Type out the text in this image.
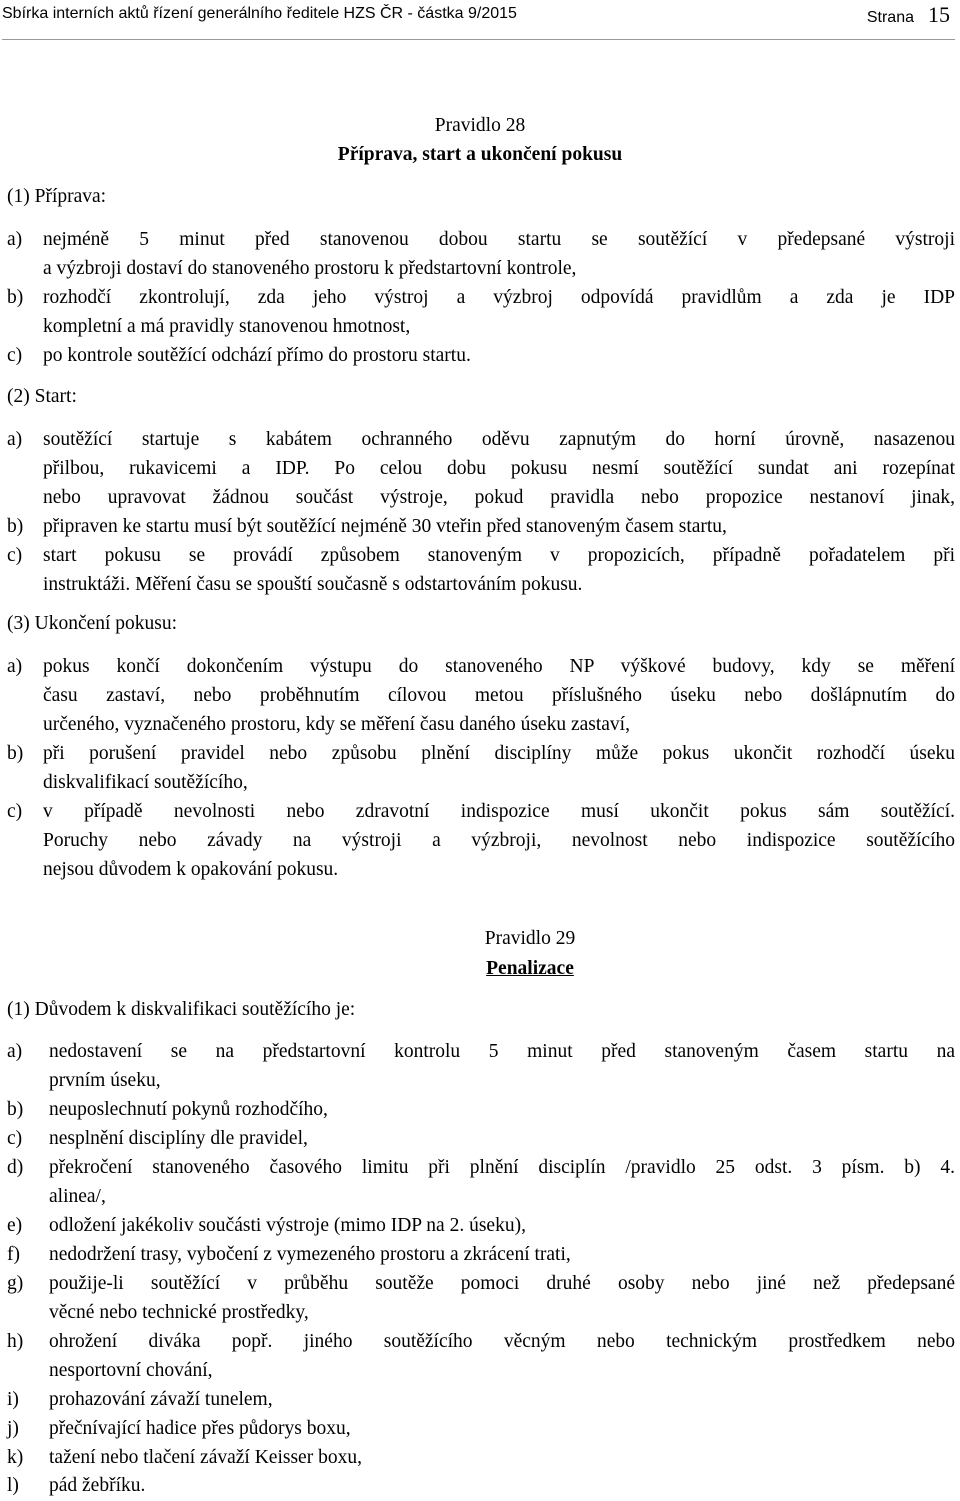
Sbírka interních aktů řízení generálního ředitele HZS ČR - částka 9/2015	Strana 15
Pravidlo 28
Příprava, start a ukončení pokusu
(1) Příprava:
a) nejméně 5 minut před stanovenou dobou startu se soutěžící v předepsané výstroji
a výzbroji dostaví do stanoveného prostoru k předstartovní kontrole,
b) rozhodčí zkontrolují, zda jeho výstroj a výzbroj odpovídá pravidlům a zda je IDP
kompletní a má pravidly stanovenou hmotnost,
c) po kontrole soutěžící odchází přímo do prostoru startu.
(2) Start:
a) soutěžící startuje s kabátem ochranného oděvu zapnutým do horní úrovně, nasazenou
přilbou, rukavicemi a IDP. Po celou dobu pokusu nesmí soutěžící sundat ani rozepínat
nebo upravovat žádnou součást výstroje, pokud pravidla nebo propozice nestanoví jinak,
b) připraven ke startu musí být soutěžící nejméně 30 vteřin před stanoveným časem startu,
c) start pokusu se provádí způsobem stanoveným v propozicích, případně pořadatelem při
instruktáži. Měření času se spouští současně s odstartováním pokusu.
(3) Ukončení pokusu:
a) pokus končí dokončením výstupu do stanoveného NP výškové budovy, kdy se měření
času zastaví, nebo proběhnutím cílovou metou příslušného úseku nebo došlápnutím do
určeného, vyznačeného prostoru, kdy se měření času daného úseku zastaví,
b) při porušení pravidel nebo způsobu plnění disciplíny může pokus ukončit rozhodčí úseku
diskvalifikací soutěžícího,
c) v případě nevolnosti nebo zdravotní indispozice musí ukončit pokus sám soutěžící.
Poruchy nebo závady na výstroji a výzbroji, nevolnost nebo indispozice soutěžícího
nejsou důvodem k opakování pokusu.
Pravidlo 29
Penalizace
(1) Důvodem k diskvalifikaci soutěžícího je:
a) nedostavení se na předstartovní kontrolu 5 minut před stanoveným časem startu na
prvním úseku,
b) neuposlechnutí pokynů rozhodčího,
c) nesplnění disciplíny dle pravidel,
d) překročení stanoveného časového limitu při plnění disciplín /pravidlo 25 odst. 3 písm. b) 4.
alinea/,
e) odložení jakékoliv součásti výstroje (mimo IDP na 2. úseku),
f) nedodržení trasy, vybočení z vymezeného prostoru a zkrácení trati,
g) použije-li soutěžící v průběhu soutěže pomoci druhé osoby nebo jiné než předepsané
věcné nebo technické prostředky,
h) ohrožení diváka popř. jiného soutěžícího věcným nebo technickým prostředkem nebo
nesportovní chování,
i) prohazování závaží tunelem,
j) přečnívající hadice přes půdorys boxu,
k) tažení nebo tlačení závaží Keisser boxu,
l) pád žebříku.
